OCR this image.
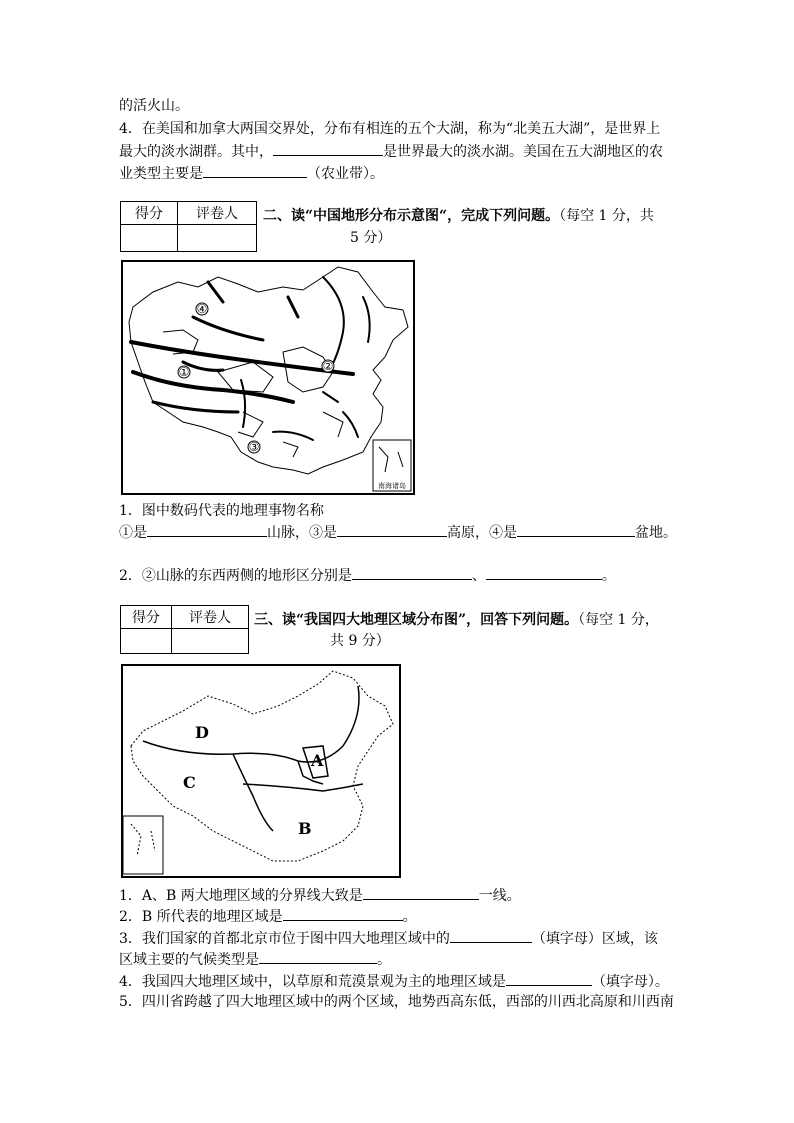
的活火山。
4．在美国和加拿大两国交界处，分布有相连的五个大湖，称为“北美五大湖”，是世界上
最大的淡水湖群。其中，	是世界最大的淡水湖。美国在五大湖地区的农
业类型主要是	（农业带）。
得分	评卷人
	二、读“中国地形分布示意图“，完成下列问题。（每空 1 分，共
5 分）
④
①	②
③
南海诸岛
1．图中数码代表的地理事物名称
①是	山脉，③是	高原，④是	盆地。
2．②山脉的东西两侧的地形区分别是	、	。
得分	评卷人
	三、读“我国四大地理区域分布图”，回答下列问题。（每空 1 分，
共 9 分）
D
C
A
B
1．A、B 两大地理区域的分界线大致是	一线。
2．B 所代表的地理区域是	。
3．我们国家的首都北京市位于图中四大地理区域中的	（填字母）区域，该
区域主要的气候类型是	。
4．我国四大地理区域中，以草原和荒漠景观为主的地理区域是	（填字母）。
5．四川省跨越了四大地理区域中的两个区域，地势西高东低，西部的川西北高原和川西南
